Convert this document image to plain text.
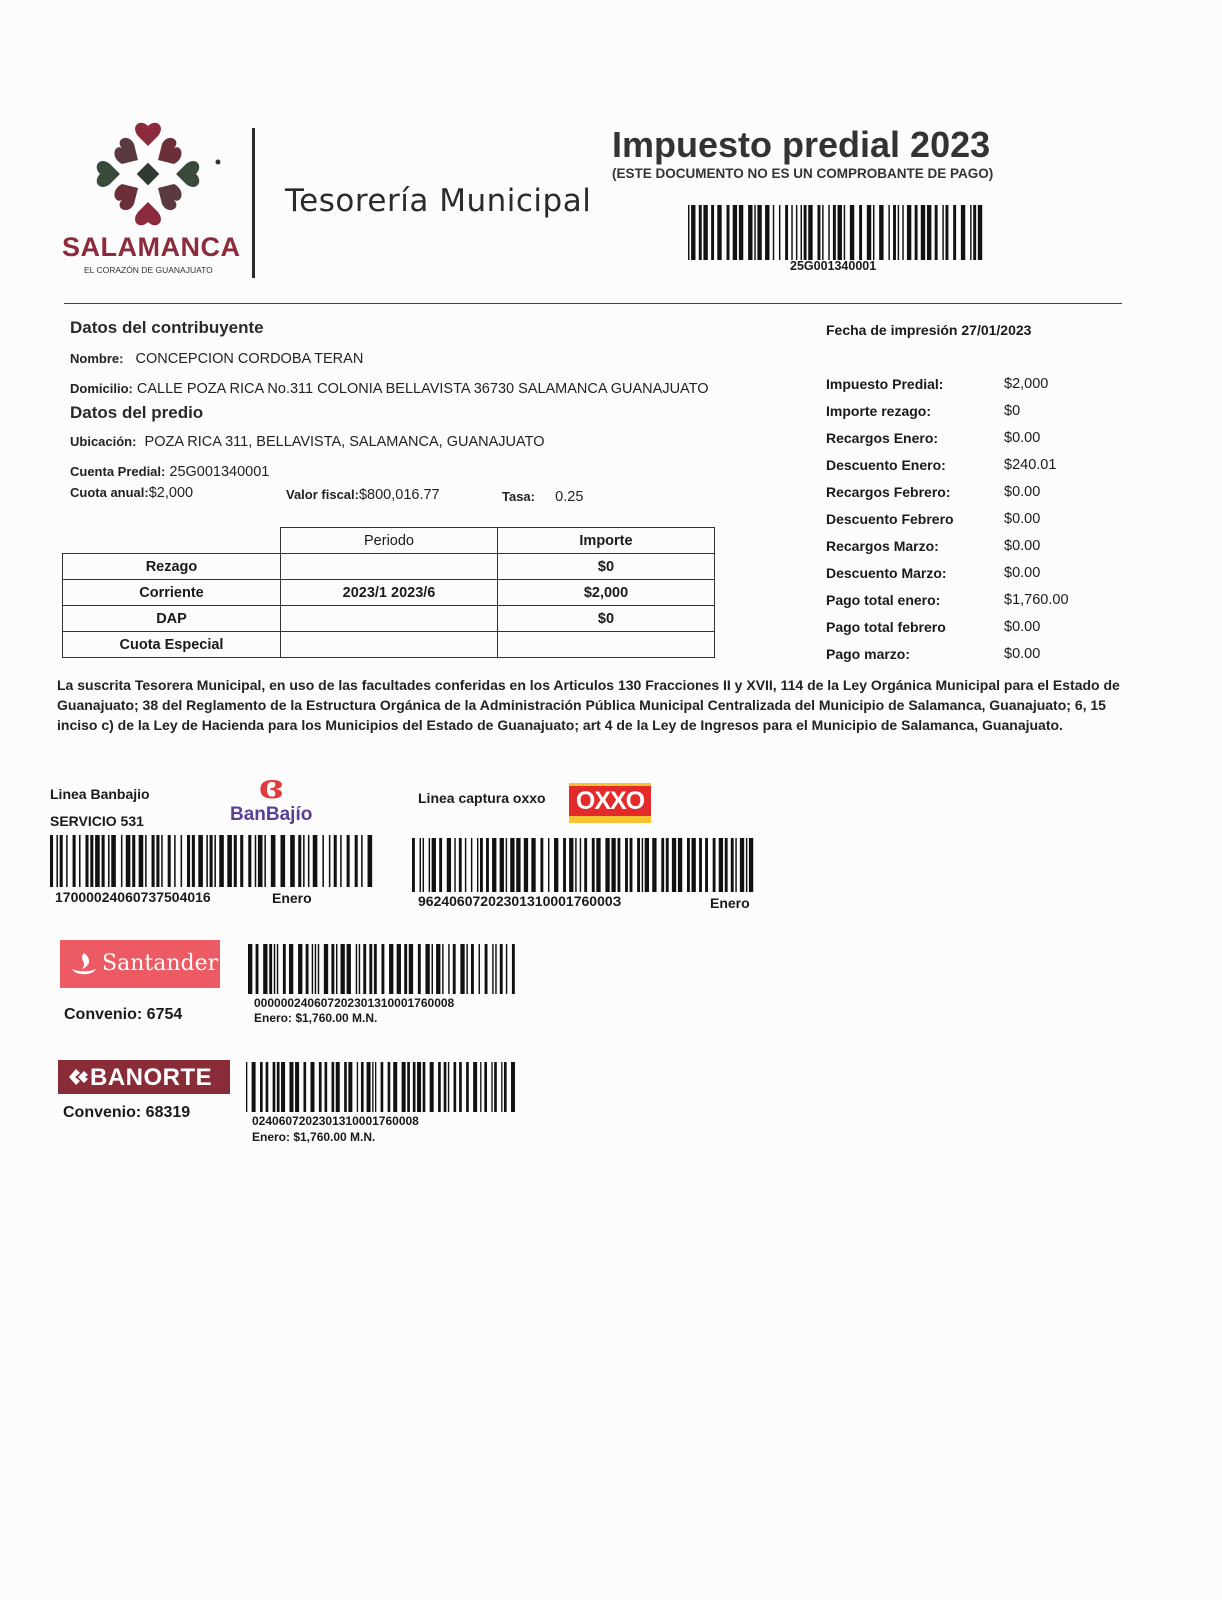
SALAMANCA
EL CORAZÓN DE GUANAJUATO
Tesorería Municipal
Impuesto predial 2023
(ESTE DOCUMENTO NO ES UN COMPROBANTE DE PAGO)
25G001340001
Datos del contribuyente	Fecha de impresión 27/01/2023
Nombre: CONCEPCION CORDOBA TERAN
Domicilio: CALLE POZA RICA No.311 COLONIA BELLAVISTA 36730 SALAMANCA GUANAJUATO
Datos del predio
Ubicación: POZA RICA 311, BELLAVISTA, SALAMANCA, GUANAJUATO
Cuenta Predial: 25G001340001
Cuota anual:$2,000	Valor fiscal:$800,016.77	Tasa: 0.25
	Periodo	Importe
Rezago		$0
Corriente	2023/1 2023/6	$2,000
DAP		$0
Cuota Especial		
Impuesto Predial:	$2,000
Importe rezago:	$0
Recargos Enero:	$0.00
Descuento Enero:	$240.01
Recargos Febrero:	$0.00
Descuento Febrero	$0.00
Recargos Marzo:	$0.00
Descuento Marzo:	$0.00
Pago total enero:	$1,760.00
Pago total febrero	$0.00
Pago marzo:	$0.00
La suscrita Tesorera Municipal, en uso de las facultades conferidas en los Articulos 130 Fracciones II y XVII, 114 de la Ley Orgánica Municipal para el Estado de Guanajuato; 38 del Reglamento de la Estructura Orgánica de la Administración Pública Municipal Centralizada del Municipio de Salamanca, Guanajuato; 6, 15 inciso c) de la Ley de Hacienda para los Municipios del Estado de Guanajuato; art 4 de la Ley de Ingresos para el Municipio de Salamanca, Guanajuato.
Linea Banbajio
SERVICIO 531
ɞ
BanBajío
17000024060737504016	Enero
Linea captura oxxo OXXO
9624060720230131000176000З	Enero
Santander
Convenio: 6754
000000240607202301310001760008
Enero: $1,760.00 M.N.
BANORTE
Convenio: 68319	0240607202301310001760008
Enero: $1,760.00 M.N.
